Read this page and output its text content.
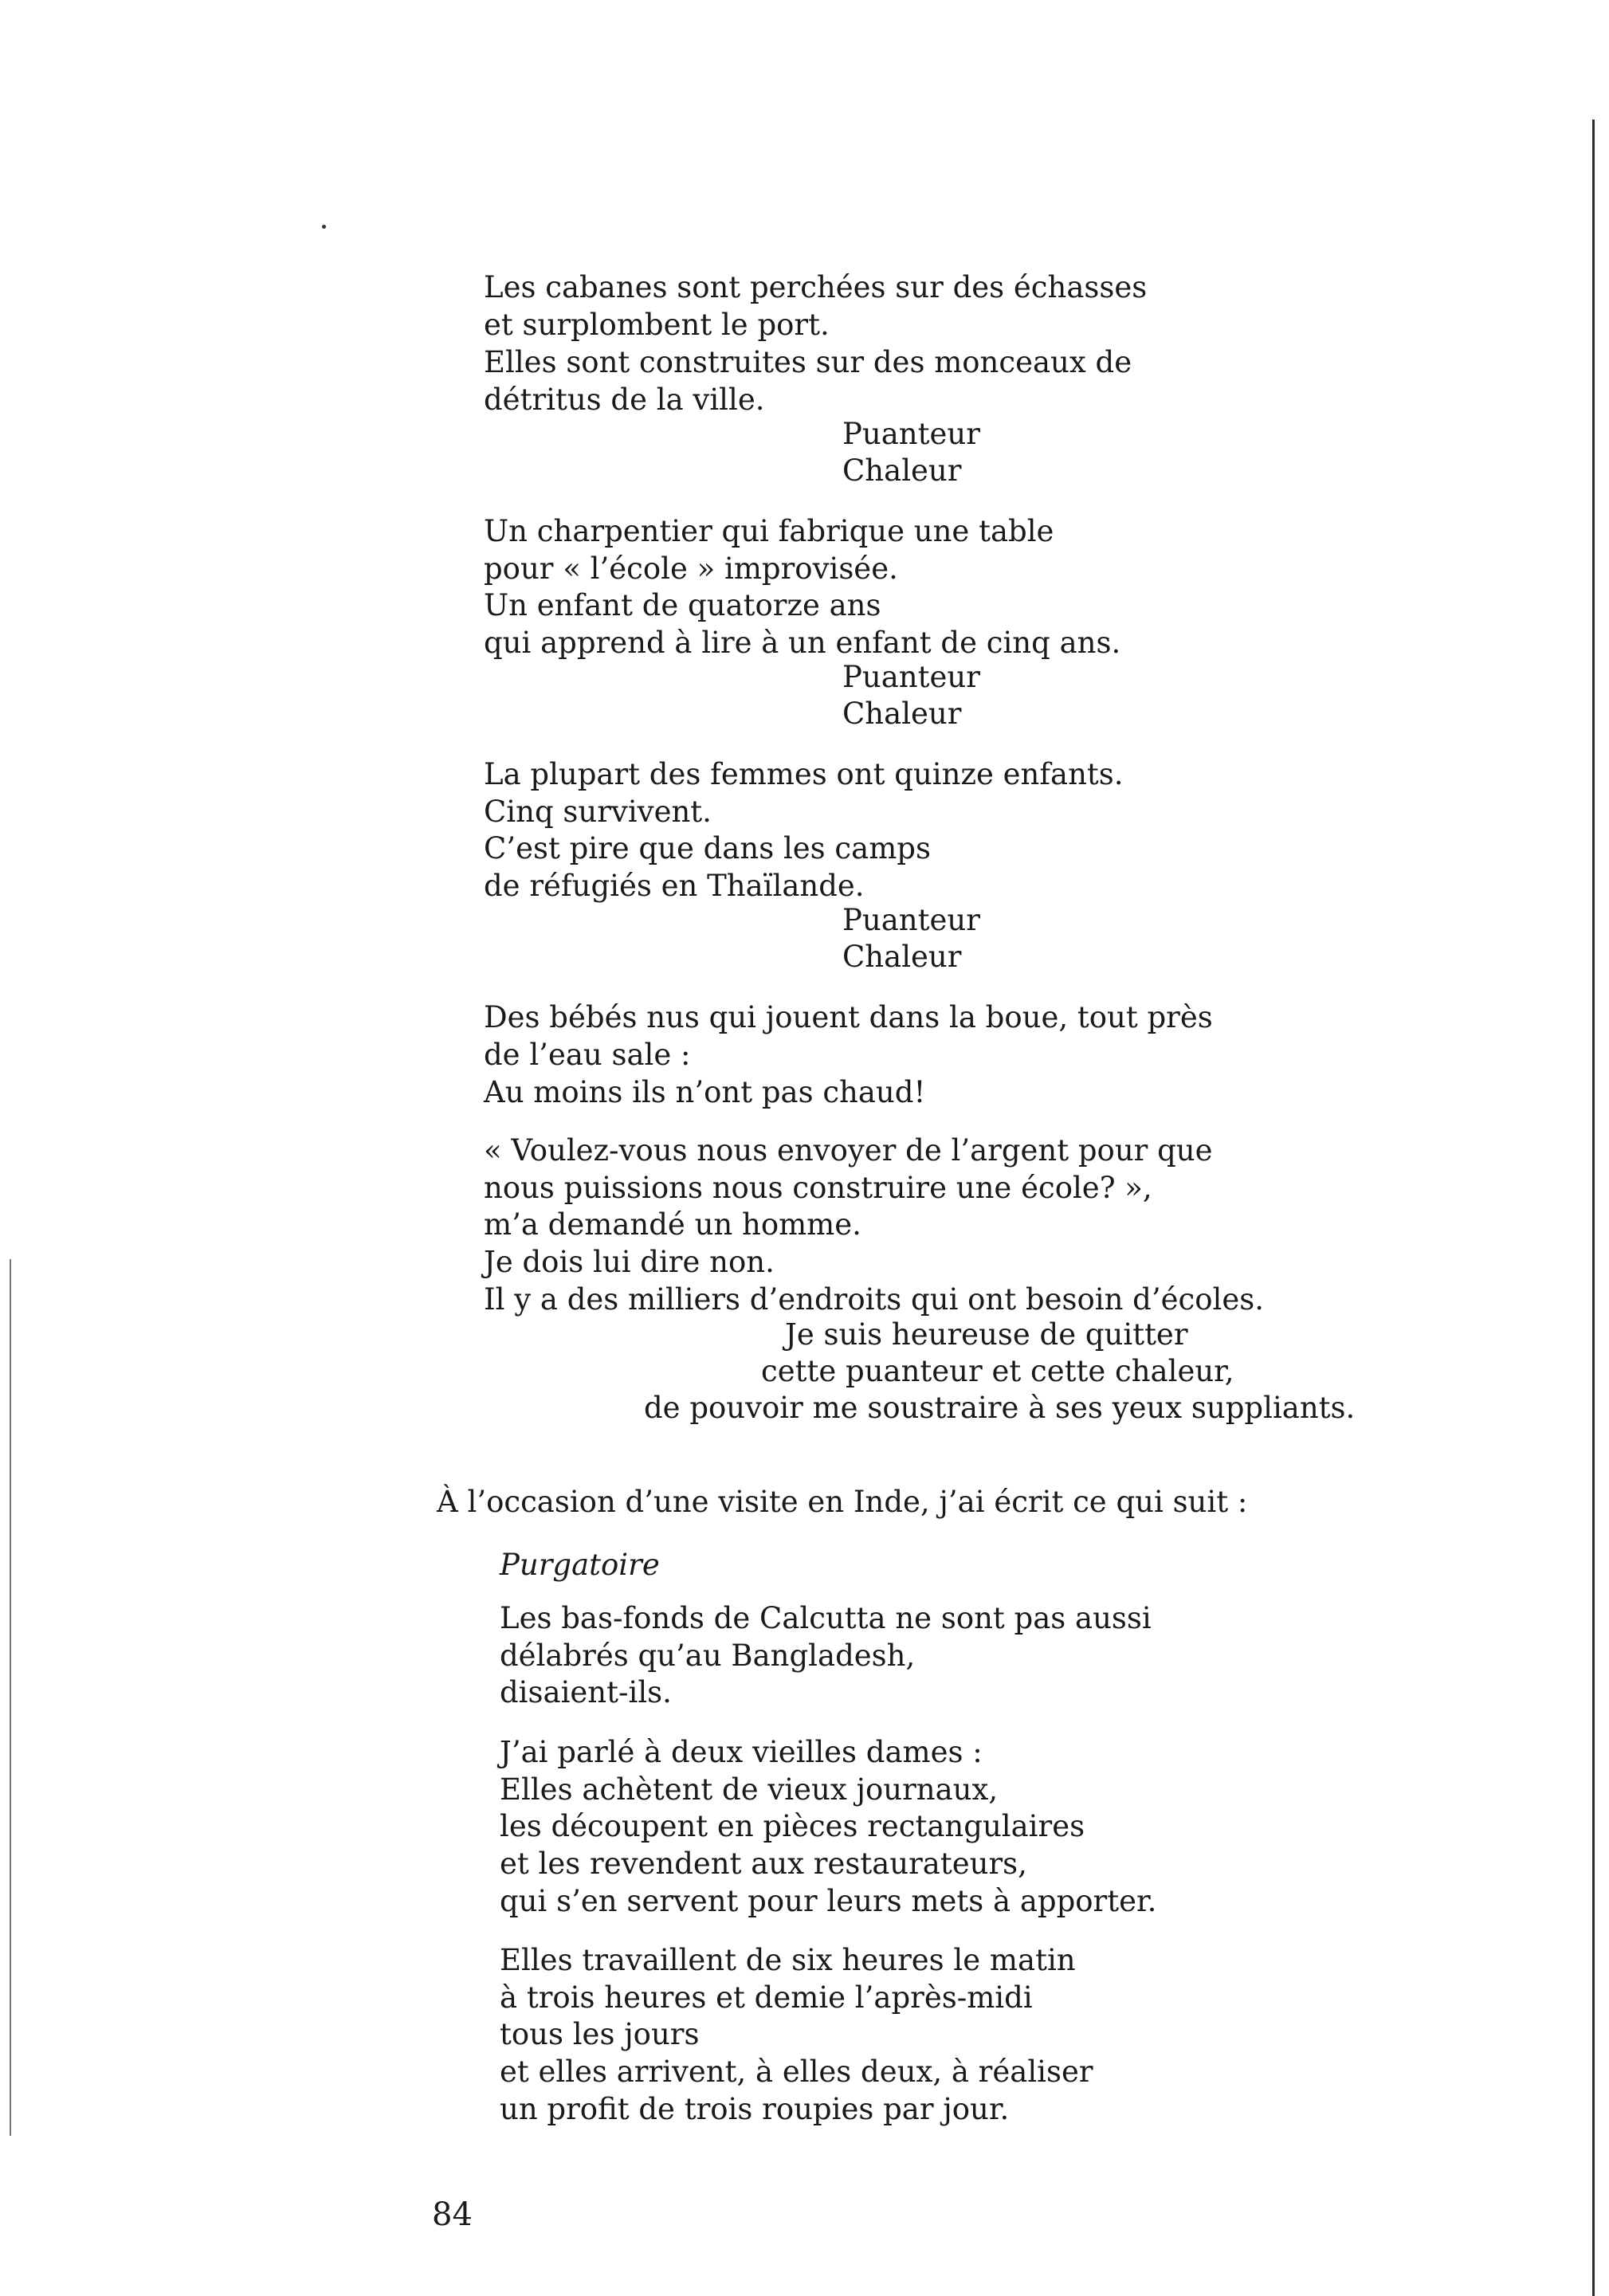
Les cabanes sont perchées sur des échasses
et surplombent le port.
Elles sont construites sur des monceaux de
détritus de la ville.
Puanteur
Chaleur
Un charpentier qui fabrique une table
pour « l’école » improvisée.
Un enfant de quatorze ans
qui apprend à lire à un enfant de cinq ans.
Puanteur
Chaleur
La plupart des femmes ont quinze enfants.
Cinq survivent.
C’est pire que dans les camps
de réfugiés en Thaïlande.
Puanteur
Chaleur
Des bébés nus qui jouent dans la boue, tout près
de l’eau sale :
Au moins ils n’ont pas chaud!
« Voulez-vous nous envoyer de l’argent pour que
nous puissions nous construire une école? »,
m’a demandé un homme.
Je dois lui dire non.
Il y a des milliers d’endroits qui ont besoin d’écoles.
Je suis heureuse de quitter
cette puanteur et cette chaleur,
de pouvoir me soustraire à ses yeux suppliants.
À l’occasion d’une visite en Inde, j’ai écrit ce qui suit :
Purgatoire
Les bas-fonds de Calcutta ne sont pas aussi
délabrés qu’au Bangladesh,
disaient-ils.
J’ai parlé à deux vieilles dames :
Elles achètent de vieux journaux,
les découpent en pièces rectangulaires
et les revendent aux restaurateurs,
qui s’en servent pour leurs mets à apporter.
Elles travaillent de six heures le matin
à trois heures et demie l’après-midi
tous les jours
et elles arrivent, à elles deux, à réaliser
un profit de trois roupies par jour.
84
